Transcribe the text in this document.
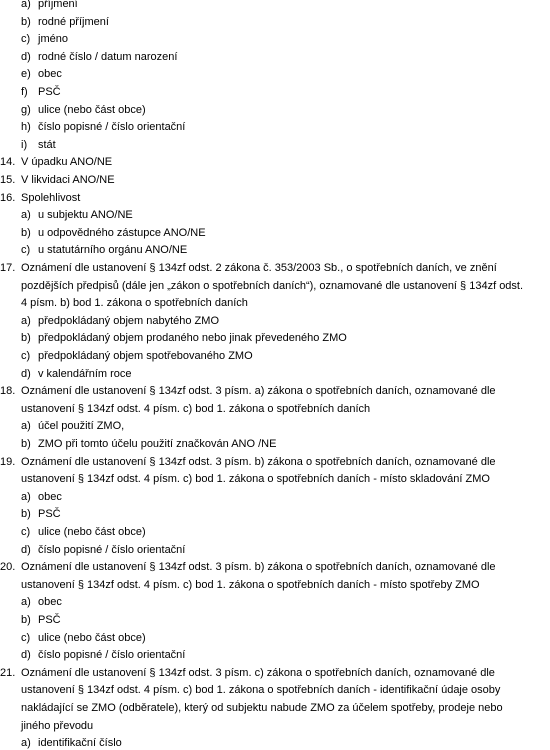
a) příjmení
b) rodné příjmení
c) jméno
d) rodné číslo / datum narození
e) obec
f) PSČ
g) ulice (nebo část obce)
h) číslo popisné / číslo orientační
i) stát
14. V úpadku ANO/NE
15. V likvidaci ANO/NE
16. Spolehlivost
a) u subjektu ANO/NE
b) u odpovědného zástupce ANO/NE
c) u statutárního orgánu ANO/NE
17. Oznámení dle ustanovení § 134zf odst. 2 zákona č. 353/2003 Sb., o spotřebních daních, ve znění
pozdějších předpisů (dále jen „zákon o spotřebních daních“), oznamované dle ustanovení § 134zf odst.
4 písm. b) bod 1. zákona o spotřebních daních
a) předpokládaný objem nabytého ZMO
b) předpokládaný objem prodaného nebo jinak převedeného ZMO
c) předpokládaný objem spotřebovaného ZMO
d) v kalendářním roce
18. Oznámení dle ustanovení § 134zf odst. 3 písm. a) zákona o spotřebních daních, oznamované dle
ustanovení § 134zf odst. 4 písm. c) bod 1. zákona o spotřebních daních
a) účel použití ZMO,
b) ZMO při tomto účelu použití značkován ANO /NE
19. Oznámení dle ustanovení § 134zf odst. 3 písm. b) zákona o spotřebních daních, oznamované dle
ustanovení § 134zf odst. 4 písm. c) bod 1. zákona o spotřebních daních - místo skladování ZMO
a) obec
b) PSČ
c) ulice (nebo část obce)
d) číslo popisné / číslo orientační
20. Oznámení dle ustanovení § 134zf odst. 3 písm. b) zákona o spotřebních daních, oznamované dle
ustanovení § 134zf odst. 4 písm. c) bod 1. zákona o spotřebních daních - místo spotřeby ZMO
a) obec
b) PSČ
c) ulice (nebo část obce)
d) číslo popisné / číslo orientační
21. Oznámení dle ustanovení § 134zf odst. 3 písm. c) zákona o spotřebních daních, oznamované dle
ustanovení § 134zf odst. 4 písm. c) bod 1. zákona o spotřebních daních - identifikační údaje osoby
nakládající se ZMO (odběratele), který od subjektu nabude ZMO za účelem spotřeby, prodeje nebo
jiného převodu
a) identifikační číslo
